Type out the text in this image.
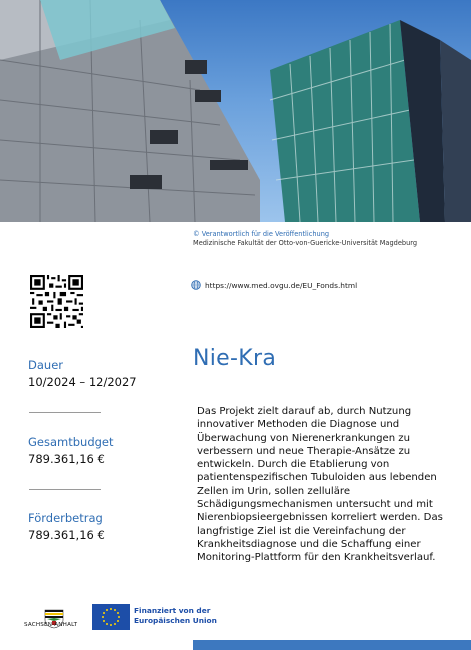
© Verantwortlich für die Veröffentlichung
Medizinische Fakultät der Otto-von-Guericke-Universität Magdeburg
https://www.med.ovgu.de/EU_Fonds.html
Nie-Kra
Dauer
10/2024 – 12/2027
Gesamtbudget
789.361,16 €
Förderbetrag
789.361,16 €
Das Projekt zielt darauf ab, durch Nutzung innovativer Methoden die Diagnose und Überwachung von Nierenerkrankungen zu verbessern und neue Therapie-Ansätze zu entwickeln. Durch die Etablierung von patientenspezifischen Tubuloiden aus lebenden Zellen im Urin, sollen zelluläre Schädigungsmechanismen untersucht und mit Nierenbiopsieergebnissen korreliert werden. Das langfristige Ziel ist die Vereinfachung der Krankheitsdiagnose und die Schaffung einer Monitoring-Plattform für den Krankheitsverlauf.
SACHSEN-ANHALT
Finanziert von der
Europäischen Union
